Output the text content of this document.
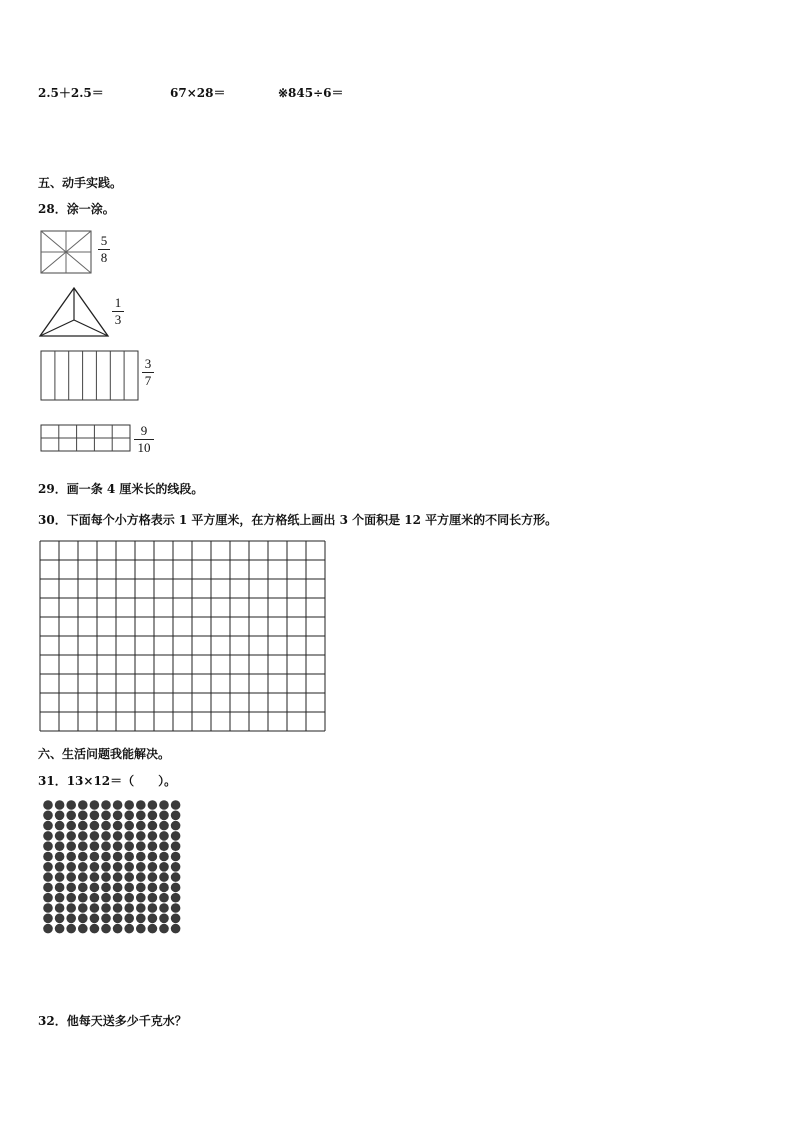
2.5＋2.5＝	67×28＝	※845÷6＝
五、动手实践。
28．涂一涂。
5
8
1
3
3
7
9
10
29．画一条 4 厘米长的线段。
30．下面每个小方格表示 1 平方厘米，在方格纸上画出 3 个面积是 12 平方厘米的不同长方形。
六、生活问题我能解决。
31．13×12＝（　　）。
32．他每天送多少千克水？
